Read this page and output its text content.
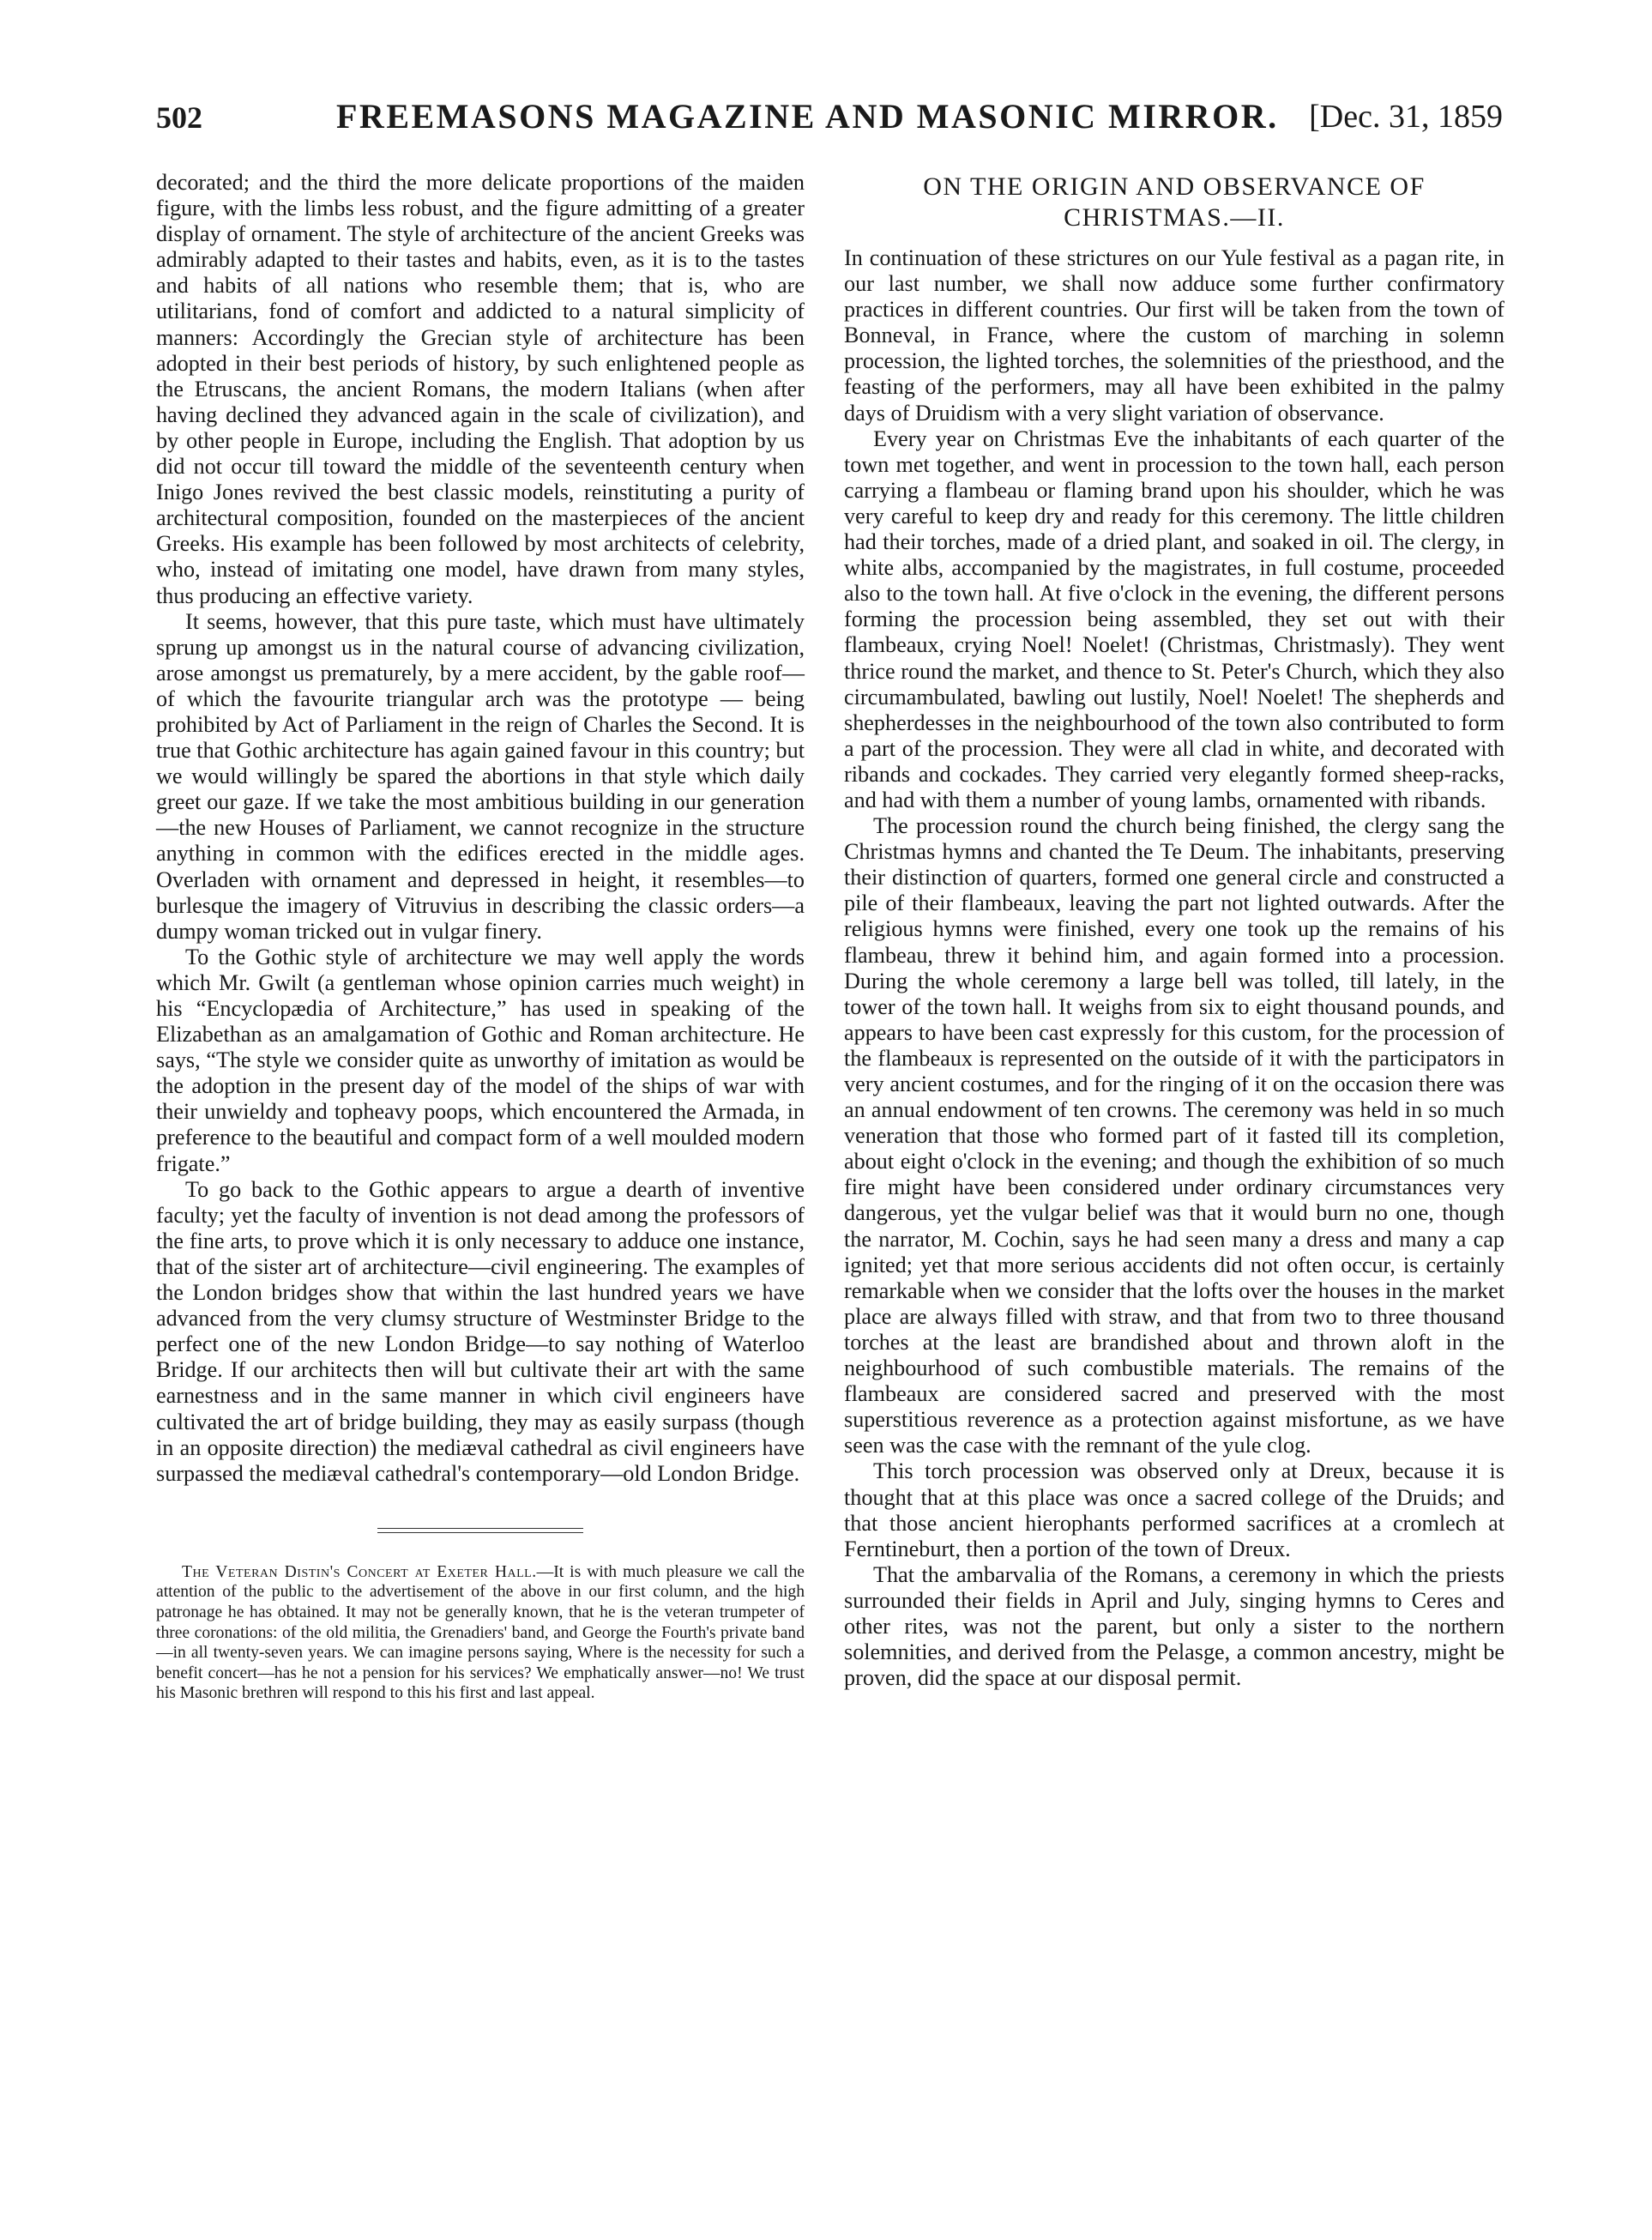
502	FREEMASONS MAGAZINE AND MASONIC MIRROR. [Dec. 31, 1859

decorated; and the third the more delicate proportions of the maiden figure, with the limbs less robust, and the figure admitting of a greater display of ornament. The style of architecture of the ancient Greeks was admirably adapted to their tastes and habits, even, as it is to the tastes and habits of all nations who resemble them; that is, who are utilitarians, fond of comfort and addicted to a natural simplicity of manners: Accordingly the Grecian style of architecture has been adopted in their best periods of history, by such enlightened people as the Etruscans, the ancient Romans, the modern Italians (when after having declined they advanced again in the scale of civilization), and by other people in Europe, including the English. That adoption by us did not occur till toward the middle of the seventeenth century when Inigo Jones revived the best classic models, reinstituting a purity of architectural composition, founded on the masterpieces of the ancient Greeks. His example has been followed by most architects of celebrity, who, instead of imitating one model, have drawn from many styles, thus producing an effective variety.

It seems, however, that this pure taste, which must have ultimately sprung up amongst us in the natural course of advancing civilization, arose amongst us prematurely, by a mere accident, by the gable roof—of which the favourite triangular arch was the prototype — being prohibited by Act of Parliament in the reign of Charles the Second. It is true that Gothic architecture has again gained favour in this country; but we would willingly be spared the abortions in that style which daily greet our gaze. If we take the most ambitious building in our generation—the new Houses of Parliament, we cannot recognize in the structure anything in common with the edifices erected in the middle ages. Overladen with ornament and depressed in height, it resembles—to burlesque the imagery of Vitruvius in describing the classic orders—a dumpy woman tricked out in vulgar finery.

To the Gothic style of architecture we may well apply the words which Mr. Gwilt (a gentleman whose opinion carries much weight) in his “Encyclopædia of Architecture,” has used in speaking of the Elizabethan as an amalgamation of Gothic and Roman architecture. He says, “The style we consider quite as unworthy of imitation as would be the adoption in the present day of the model of the ships of war with their unwieldy and topheavy poops, which encountered the Armada, in preference to the beautiful and compact form of a well moulded modern frigate.”

To go back to the Gothic appears to argue a dearth of inventive faculty; yet the faculty of invention is not dead among the professors of the fine arts, to prove which it is only necessary to adduce one instance, that of the sister art of architecture—civil engineering. The examples of the London bridges show that within the last hundred years we have advanced from the very clumsy structure of Westminster Bridge to the perfect one of the new London Bridge—to say nothing of Waterloo Bridge. If our architects then will but cultivate their art with the same earnestness and in the same manner in which civil engineers have cultivated the art of bridge building, they may as easily surpass (though in an opposite direction) the mediæval cathedral as civil engineers have surpassed the mediæval cathedral's contemporary—old London Bridge.

The Veteran Distin's Concert at Exeter Hall.—It is with much pleasure we call the attention of the public to the advertisement of the above in our first column, and the high patronage he has obtained. It may not be generally known, that he is the veteran trumpeter of three coronations: of the old militia, the Grenadiers' band, and George the Fourth's private band—in all twenty-seven years. We can imagine persons saying, Where is the necessity for such a benefit concert—has he not a pension for his services? We emphatically answer—no! We trust his Masonic brethren will respond to this his first and last appeal.

ON THE ORIGIN AND OBSERVANCE OF
CHRISTMAS.—II.

In continuation of these strictures on our Yule festival as a pagan rite, in our last number, we shall now adduce some further confirmatory practices in different countries. Our first will be taken from the town of Bonneval, in France, where the custom of marching in solemn procession, the lighted torches, the solemnities of the priesthood, and the feasting of the performers, may all have been exhibited in the palmy days of Druidism with a very slight variation of observance.

Every year on Christmas Eve the inhabitants of each quarter of the town met together, and went in procession to the town hall, each person carrying a flambeau or flaming brand upon his shoulder, which he was very careful to keep dry and ready for this ceremony. The little children had their torches, made of a dried plant, and soaked in oil. The clergy, in white albs, accompanied by the magistrates, in full costume, proceeded also to the town hall. At five o'clock in the evening, the different persons forming the procession being assembled, they set out with their flambeaux, crying Noel! Noelet! (Christmas, Christmasly). They went thrice round the market, and thence to St. Peter's Church, which they also circumambulated, bawling out lustily, Noel! Noelet! The shepherds and shepherdesses in the neighbourhood of the town also contributed to form a part of the procession. They were all clad in white, and decorated with ribands and cockades. They carried very elegantly formed sheep-racks, and had with them a number of young lambs, ornamented with ribands.

The procession round the church being finished, the clergy sang the Christmas hymns and chanted the Te Deum. The inhabitants, preserving their distinction of quarters, formed one general circle and constructed a pile of their flambeaux, leaving the part not lighted outwards. After the religious hymns were finished, every one took up the remains of his flambeau, threw it behind him, and again formed into a procession. During the whole ceremony a large bell was tolled, till lately, in the tower of the town hall. It weighs from six to eight thousand pounds, and appears to have been cast expressly for this custom, for the procession of the flambeaux is represented on the outside of it with the participators in very ancient costumes, and for the ringing of it on the occasion there was an annual endowment of ten crowns. The ceremony was held in so much veneration that those who formed part of it fasted till its completion, about eight o'clock in the evening; and though the exhibition of so much fire might have been considered under ordinary circumstances very dangerous, yet the vulgar belief was that it would burn no one, though the narrator, M. Cochin, says he had seen many a dress and many a cap ignited; yet that more serious accidents did not often occur, is certainly remarkable when we consider that the lofts over the houses in the market place are always filled with straw, and that from two to three thousand torches at the least are brandished about and thrown aloft in the neighbourhood of such combustible materials. The remains of the flambeaux are considered sacred and preserved with the most superstitious reverence as a protection against misfortune, as we have seen was the case with the remnant of the yule clog.

This torch procession was observed only at Dreux, because it is thought that at this place was once a sacred college of the Druids; and that those ancient hierophants performed sacrifices at a cromlech at Ferntineburt, then a portion of the town of Dreux.

That the ambarvalia of the Romans, a ceremony in which the priests surrounded their fields in April and July, singing hymns to Ceres and other rites, was not the parent, but only a sister to the northern solemnities, and derived from the Pelasge, a common ancestry, might be proven, did the space at our disposal permit.
